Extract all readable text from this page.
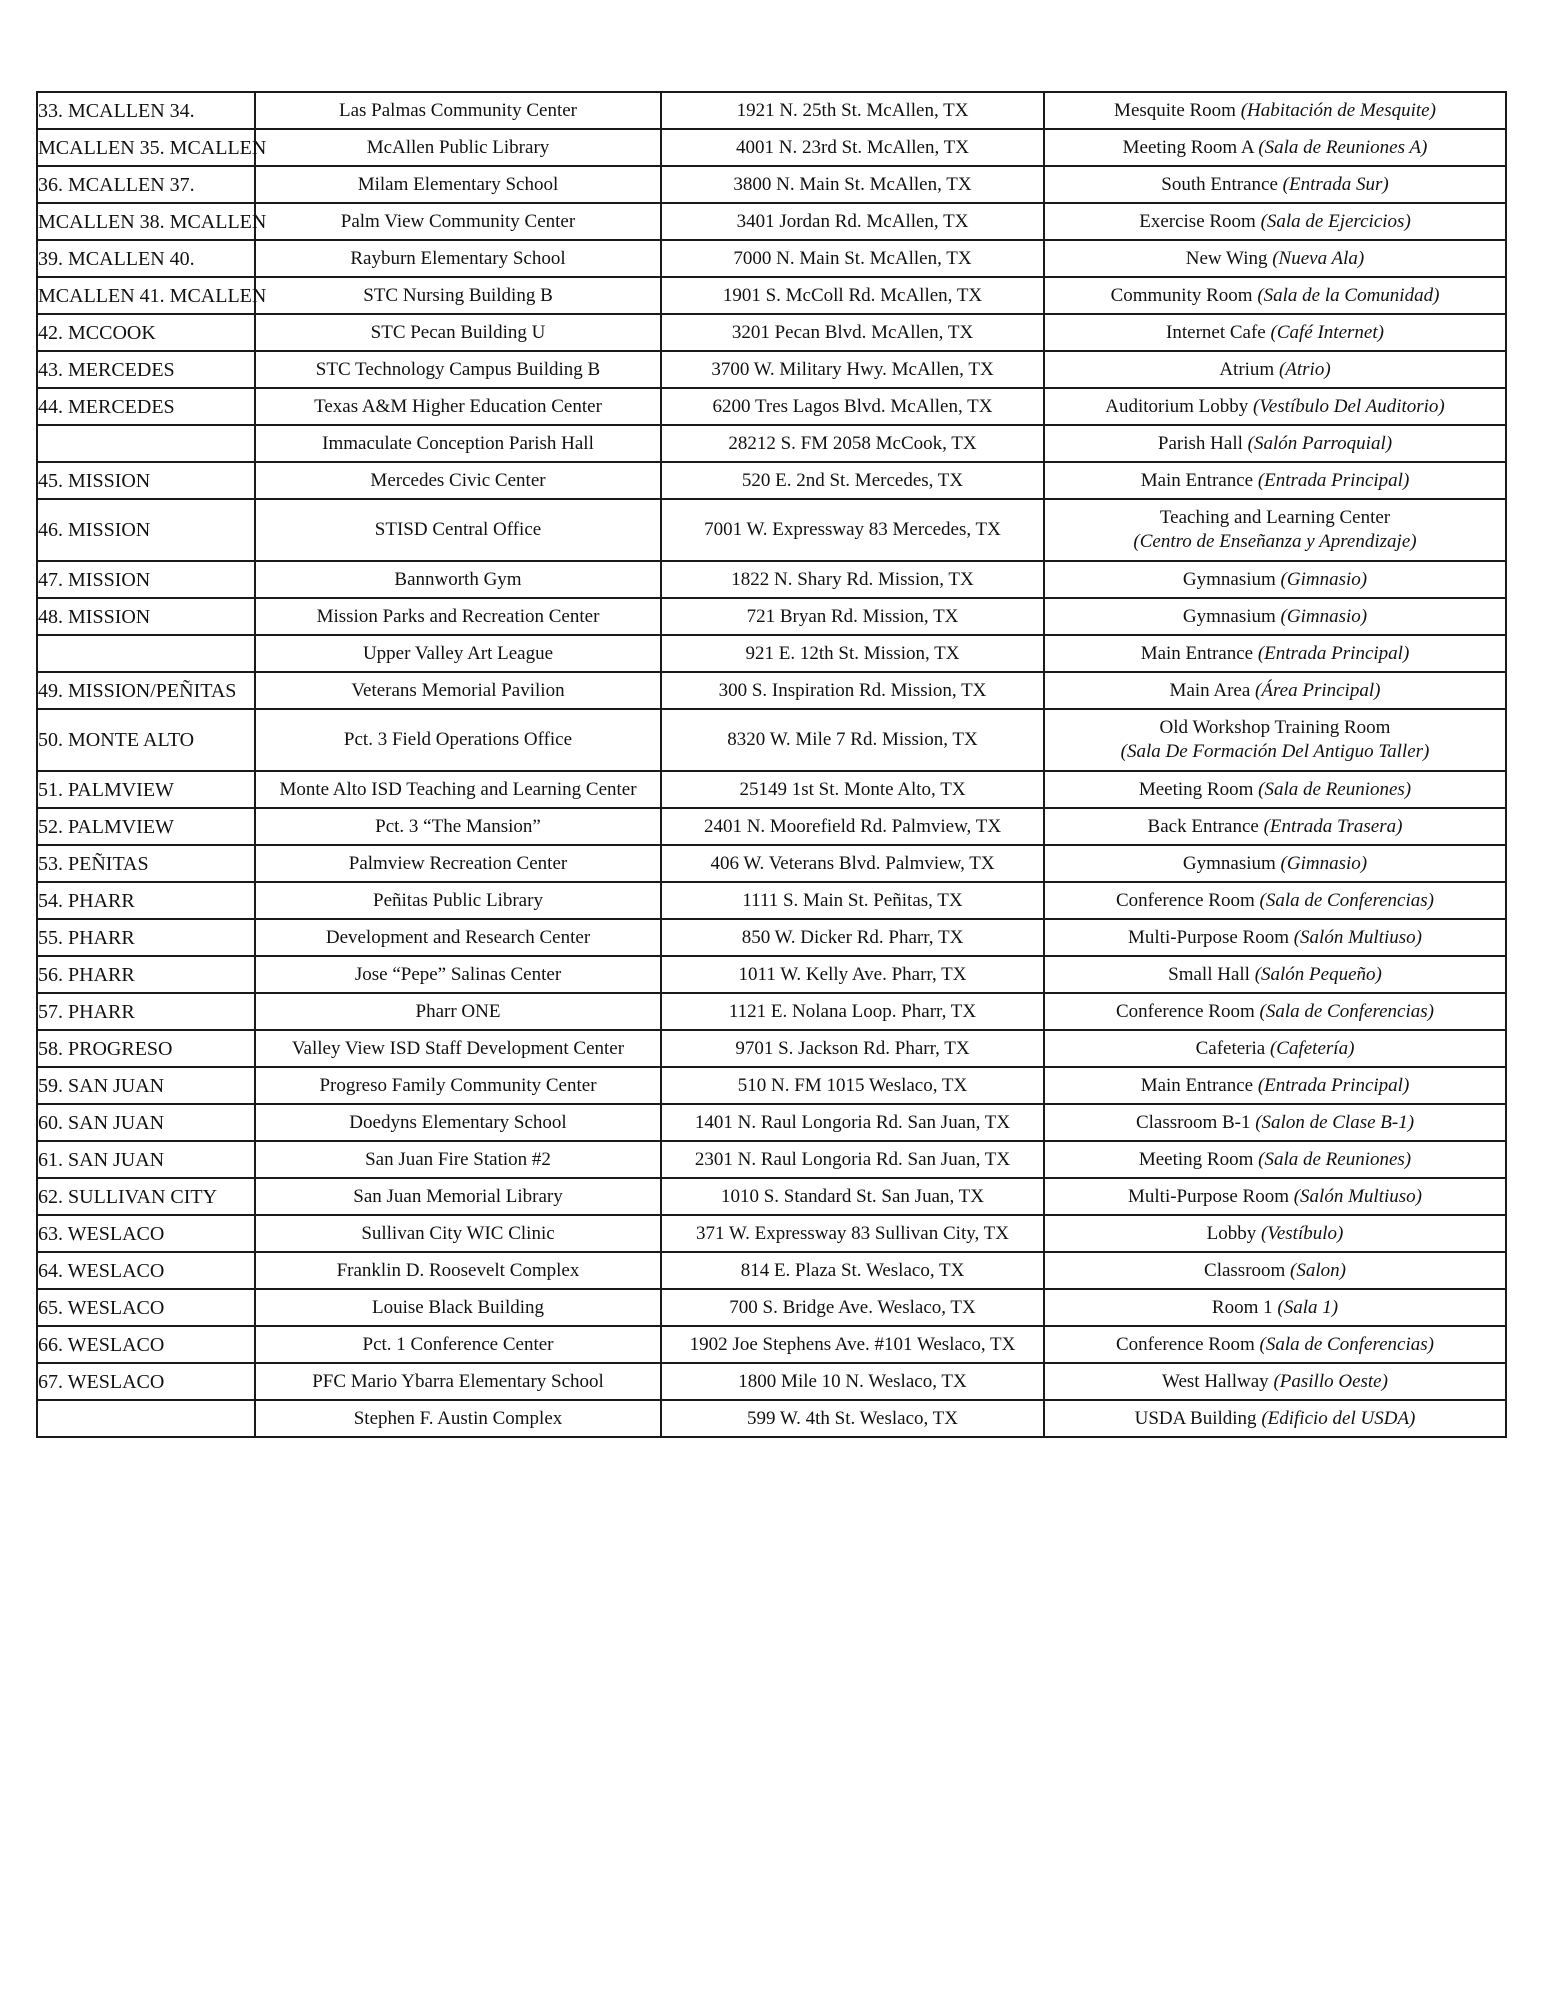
33. MCALLEN 34.	Las Palmas Community Center	1921 N. 25th St. McAllen, TX	Mesquite Room (Habitación de Mesquite)
MCALLEN 35. MCALLEN	McAllen Public Library	4001 N. 23rd St. McAllen, TX	Meeting Room A (Sala de Reuniones A)
36. MCALLEN 37.	Milam Elementary School	3800 N. Main St. McAllen, TX	South Entrance (Entrada Sur)
MCALLEN 38. MCALLEN	Palm View Community Center	3401 Jordan Rd. McAllen, TX	Exercise Room (Sala de Ejercicios)
39. MCALLEN 40.	Rayburn Elementary School	7000 N. Main St. McAllen, TX	New Wing (Nueva Ala)
MCALLEN 41. MCALLEN	STC Nursing Building B	1901 S. McColl Rd. McAllen, TX	Community Room (Sala de la Comunidad)
42. MCCOOK	STC Pecan Building U	3201 Pecan Blvd. McAllen, TX	Internet Cafe (Café Internet)
43. MERCEDES	STC Technology Campus Building B	3700 W. Military Hwy. McAllen, TX	Atrium (Atrio)
44. MERCEDES	Texas A&M Higher Education Center	6200 Tres Lagos Blvd. McAllen, TX	Auditorium Lobby (Vestíbulo Del Auditorio)
	Immaculate Conception Parish Hall	28212 S. FM 2058 McCook, TX	Parish Hall (Salón Parroquial)
45. MISSION	Mercedes Civic Center	520 E. 2nd St. Mercedes, TX	Main Entrance (Entrada Principal)
46. MISSION	STISD Central Office	7001 W. Expressway 83 Mercedes, TX	Teaching and Learning Center
(Centro de Enseñanza y Aprendizaje)

47. MISSION	Bannworth Gym	1822 N. Shary Rd. Mission, TX	Gymnasium (Gimnasio)
48. MISSION	Mission Parks and Recreation Center	721 Bryan Rd. Mission, TX	Gymnasium (Gimnasio)
	Upper Valley Art League	921 E. 12th St. Mission, TX	Main Entrance (Entrada Principal)
49. MISSION/PEÑITAS	Veterans Memorial Pavilion	300 S. Inspiration Rd. Mission, TX	Main Area (Área Principal)
50. MONTE ALTO	Pct. 3 Field Operations Office	8320 W. Mile 7 Rd. Mission, TX	Old Workshop Training Room
(Sala De Formación Del Antiguo Taller)

51. PALMVIEW	Monte Alto ISD Teaching and Learning Center	25149 1st St. Monte Alto, TX	Meeting Room (Sala de Reuniones)
52. PALMVIEW	Pct. 3 “The Mansion”	2401 N. Moorefield Rd. Palmview, TX	Back Entrance (Entrada Trasera)
53. PEÑITAS	Palmview Recreation Center	406 W. Veterans Blvd. Palmview, TX	Gymnasium (Gimnasio)
54. PHARR	Peñitas Public Library	1111 S. Main St. Peñitas, TX	Conference Room (Sala de Conferencias)
55. PHARR	Development and Research Center	850 W. Dicker Rd. Pharr, TX	Multi-Purpose Room (Salón Multiuso)
56. PHARR	Jose “Pepe” Salinas Center	1011 W. Kelly Ave. Pharr, TX	Small Hall (Salón Pequeño)
57. PHARR	Pharr ONE	1121 E. Nolana Loop. Pharr, TX	Conference Room (Sala de Conferencias)
58. PROGRESO	Valley View ISD Staff Development Center	9701 S. Jackson Rd. Pharr, TX	Cafeteria (Cafetería)
59. SAN JUAN	Progreso Family Community Center	510 N. FM 1015 Weslaco, TX	Main Entrance (Entrada Principal)
60. SAN JUAN	Doedyns Elementary School	1401 N. Raul Longoria Rd. San Juan, TX	Classroom B-1 (Salon de Clase B-1)
61. SAN JUAN	San Juan Fire Station #2	2301 N. Raul Longoria Rd. San Juan, TX	Meeting Room (Sala de Reuniones)
62. SULLIVAN CITY	San Juan Memorial Library	1010 S. Standard St. San Juan, TX	Multi-Purpose Room (Salón Multiuso)
63. WESLACO	Sullivan City WIC Clinic	371 W. Expressway 83 Sullivan City, TX	Lobby (Vestíbulo)
64. WESLACO	Franklin D. Roosevelt Complex	814 E. Plaza St. Weslaco, TX	Classroom (Salon)
65. WESLACO	Louise Black Building	700 S. Bridge Ave. Weslaco, TX	Room 1 (Sala 1)
66. WESLACO	Pct. 1 Conference Center	1902 Joe Stephens Ave. #101 Weslaco, TX	Conference Room (Sala de Conferencias)
67. WESLACO	PFC Mario Ybarra Elementary School	1800 Mile 10 N. Weslaco, TX	West Hallway (Pasillo Oeste)
	Stephen F. Austin Complex	599 W. 4th St. Weslaco, TX	USDA Building (Edificio del USDA)
